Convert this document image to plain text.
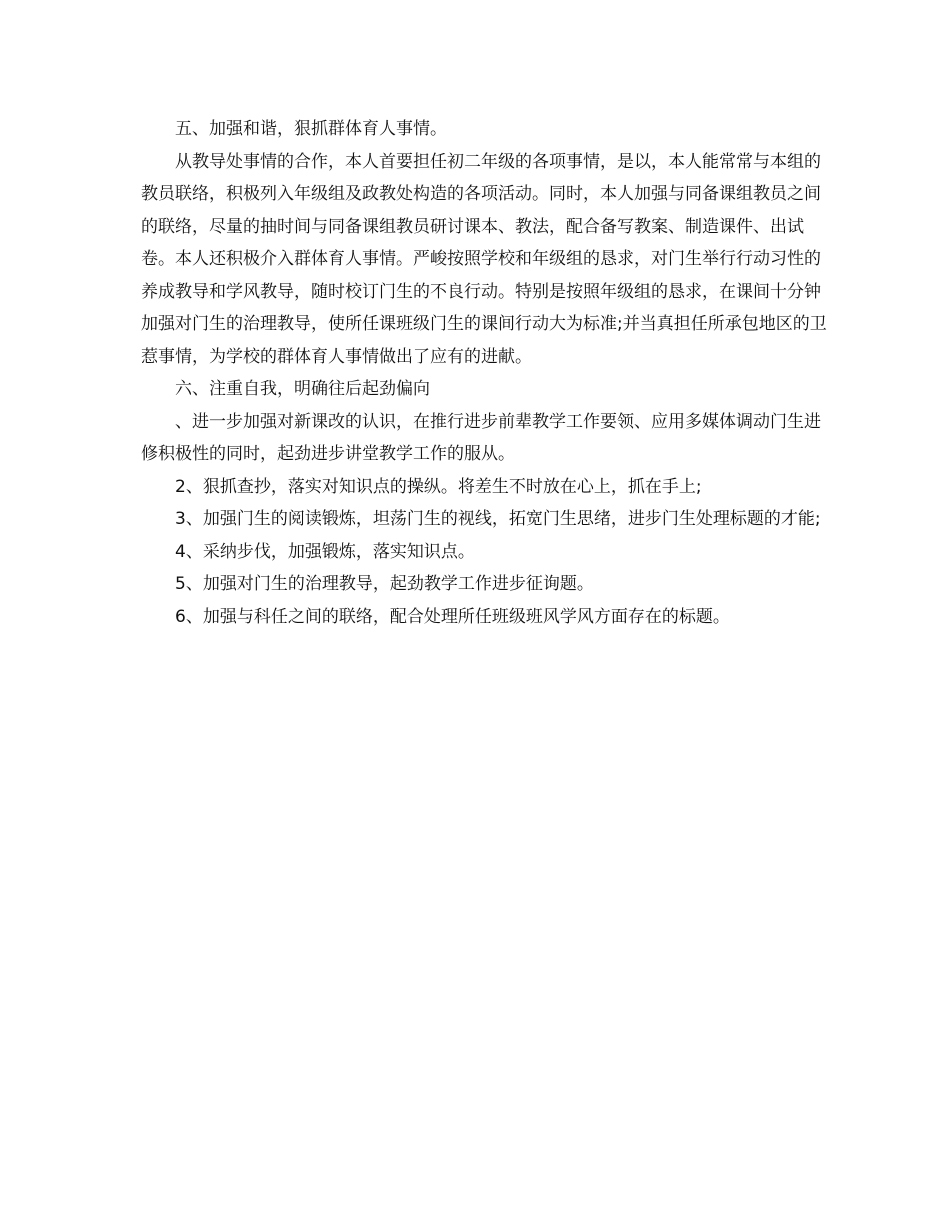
五、加强和谐，狠抓群体育人事情。

从教导处事情的合作，本人首要担任初二年级的各项事情，是以，本人能常常与本组的教员联络，积极列入年级组及政教处构造的各项活动。同时，本人加强与同备课组教员之间的联络，尽量的抽时间与同备课组教员研讨课本、教法，配合备写教案、制造课件、出试卷。本人还积极介入群体育人事情。严峻按照学校和年级组的恳求，对门生举行行动习性的养成教导和学风教导，随时校订门生的不良行动。特别是按照年级组的恳求，在课间十分钟加强对门生的治理教导，使所任课班级门生的课间行动大为标准;并当真担任所承包地区的卫惹事情，为学校的群体育人事情做出了应有的进献。

六、注重自我，明确往后起劲偏向

、进一步加强对新课改的认识，在推行进步前辈教学工作要领、应用多媒体调动门生进修积极性的同时，起劲进步讲堂教学工作的服从。

2、狠抓查抄，落实对知识点的操纵。将差生不时放在心上，抓在手上;

3、加强门生的阅读锻炼，坦荡门生的视线，拓宽门生思绪，进步门生处理标题的才能;

4、采纳步伐，加强锻炼，落实知识点。

5、加强对门生的治理教导，起劲教学工作进步征询题。

6、加强与科任之间的联络，配合处理所任班级班风学风方面存在的标题。
